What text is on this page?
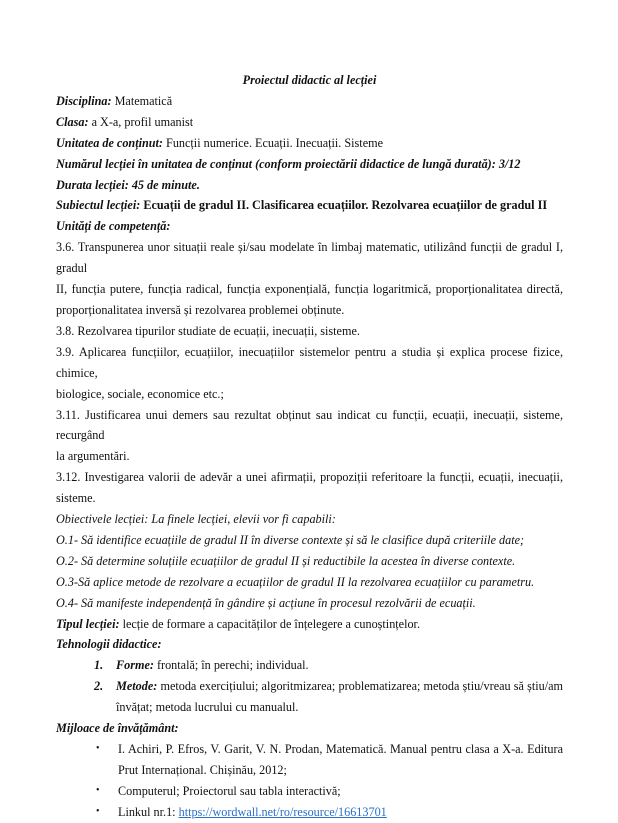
Proiectul didactic al lecției
Disciplina: Matematică
Clasa: a X-a, profil umanist
Unitatea de conținut: Funcții numerice. Ecuații. Inecuații. Sisteme
Numărul lecției în unitatea de conținut (conform proiectării didactice de lungă durată): 3/12
Durata lecției: 45 de minute.
Subiectul lecției: Ecuații de gradul II. Clasificarea ecuațiilor. Rezolvarea ecuațiilor de gradul II
Unități de competență:
3.6. Transpunerea unor situații reale și/sau modelate în limbaj matematic, utilizând funcții de gradul I, gradul
II, funcția putere, funcția radical, funcția exponențială, funcția logaritmică, proporționalitatea directă,
proporționalitatea inversă și rezolvarea problemei obținute.
3.8. Rezolvarea tipurilor studiate de ecuații, inecuații, sisteme.
3.9. Aplicarea funcțiilor, ecuațiilor, inecuațiilor sistemelor pentru a studia și explica procese fizice, chimice,
biologice, sociale, economice etc.;
3.11. Justificarea unui demers sau rezultat obținut sau indicat cu funcții, ecuații, inecuații, sisteme, recurgând
la argumentări.
3.12. Investigarea valorii de adevăr a unei afirmații, propoziții referitoare la funcții, ecuații, inecuații,
sisteme.
Obiectivele lecției: La finele lecției, elevii vor fi capabili:
O.1- Să identifice ecuațiile de gradul II în diverse contexte și să le clasifice după criteriile date;
O.2- Să determine soluțiile ecuațiilor de gradul II și reductibile la acestea în diverse contexte.
O.3-Să aplice metode de rezolvare a ecuațiilor de gradul II la rezolvarea ecuațiilor cu parametru.
O.4- Să manifeste independență în gândire și acțiune în procesul rezolvării de ecuații.
Tipul lecției: lecție de formare a capacităților de înțelegere a cunoștințelor.
Tehnologii didactice:
1. Forme: frontală; în perechi; individual.
2. Metode: metoda exercițiului; algoritmizarea; problematizarea; metoda știu/vreau să știu/am
învățat; metoda lucrului cu manualul.
Mijloace de învățământ:
• I. Achiri, P. Efros, V. Garit, V. N. Prodan, Matematică. Manual pentru clasa a X-a. Editura
Prut Internațional. Chișinău, 2012;
• Computerul; Proiectorul sau tabla interactivă;
• Linkul nr.1: https://wordwall.net/ro/resource/16613701
